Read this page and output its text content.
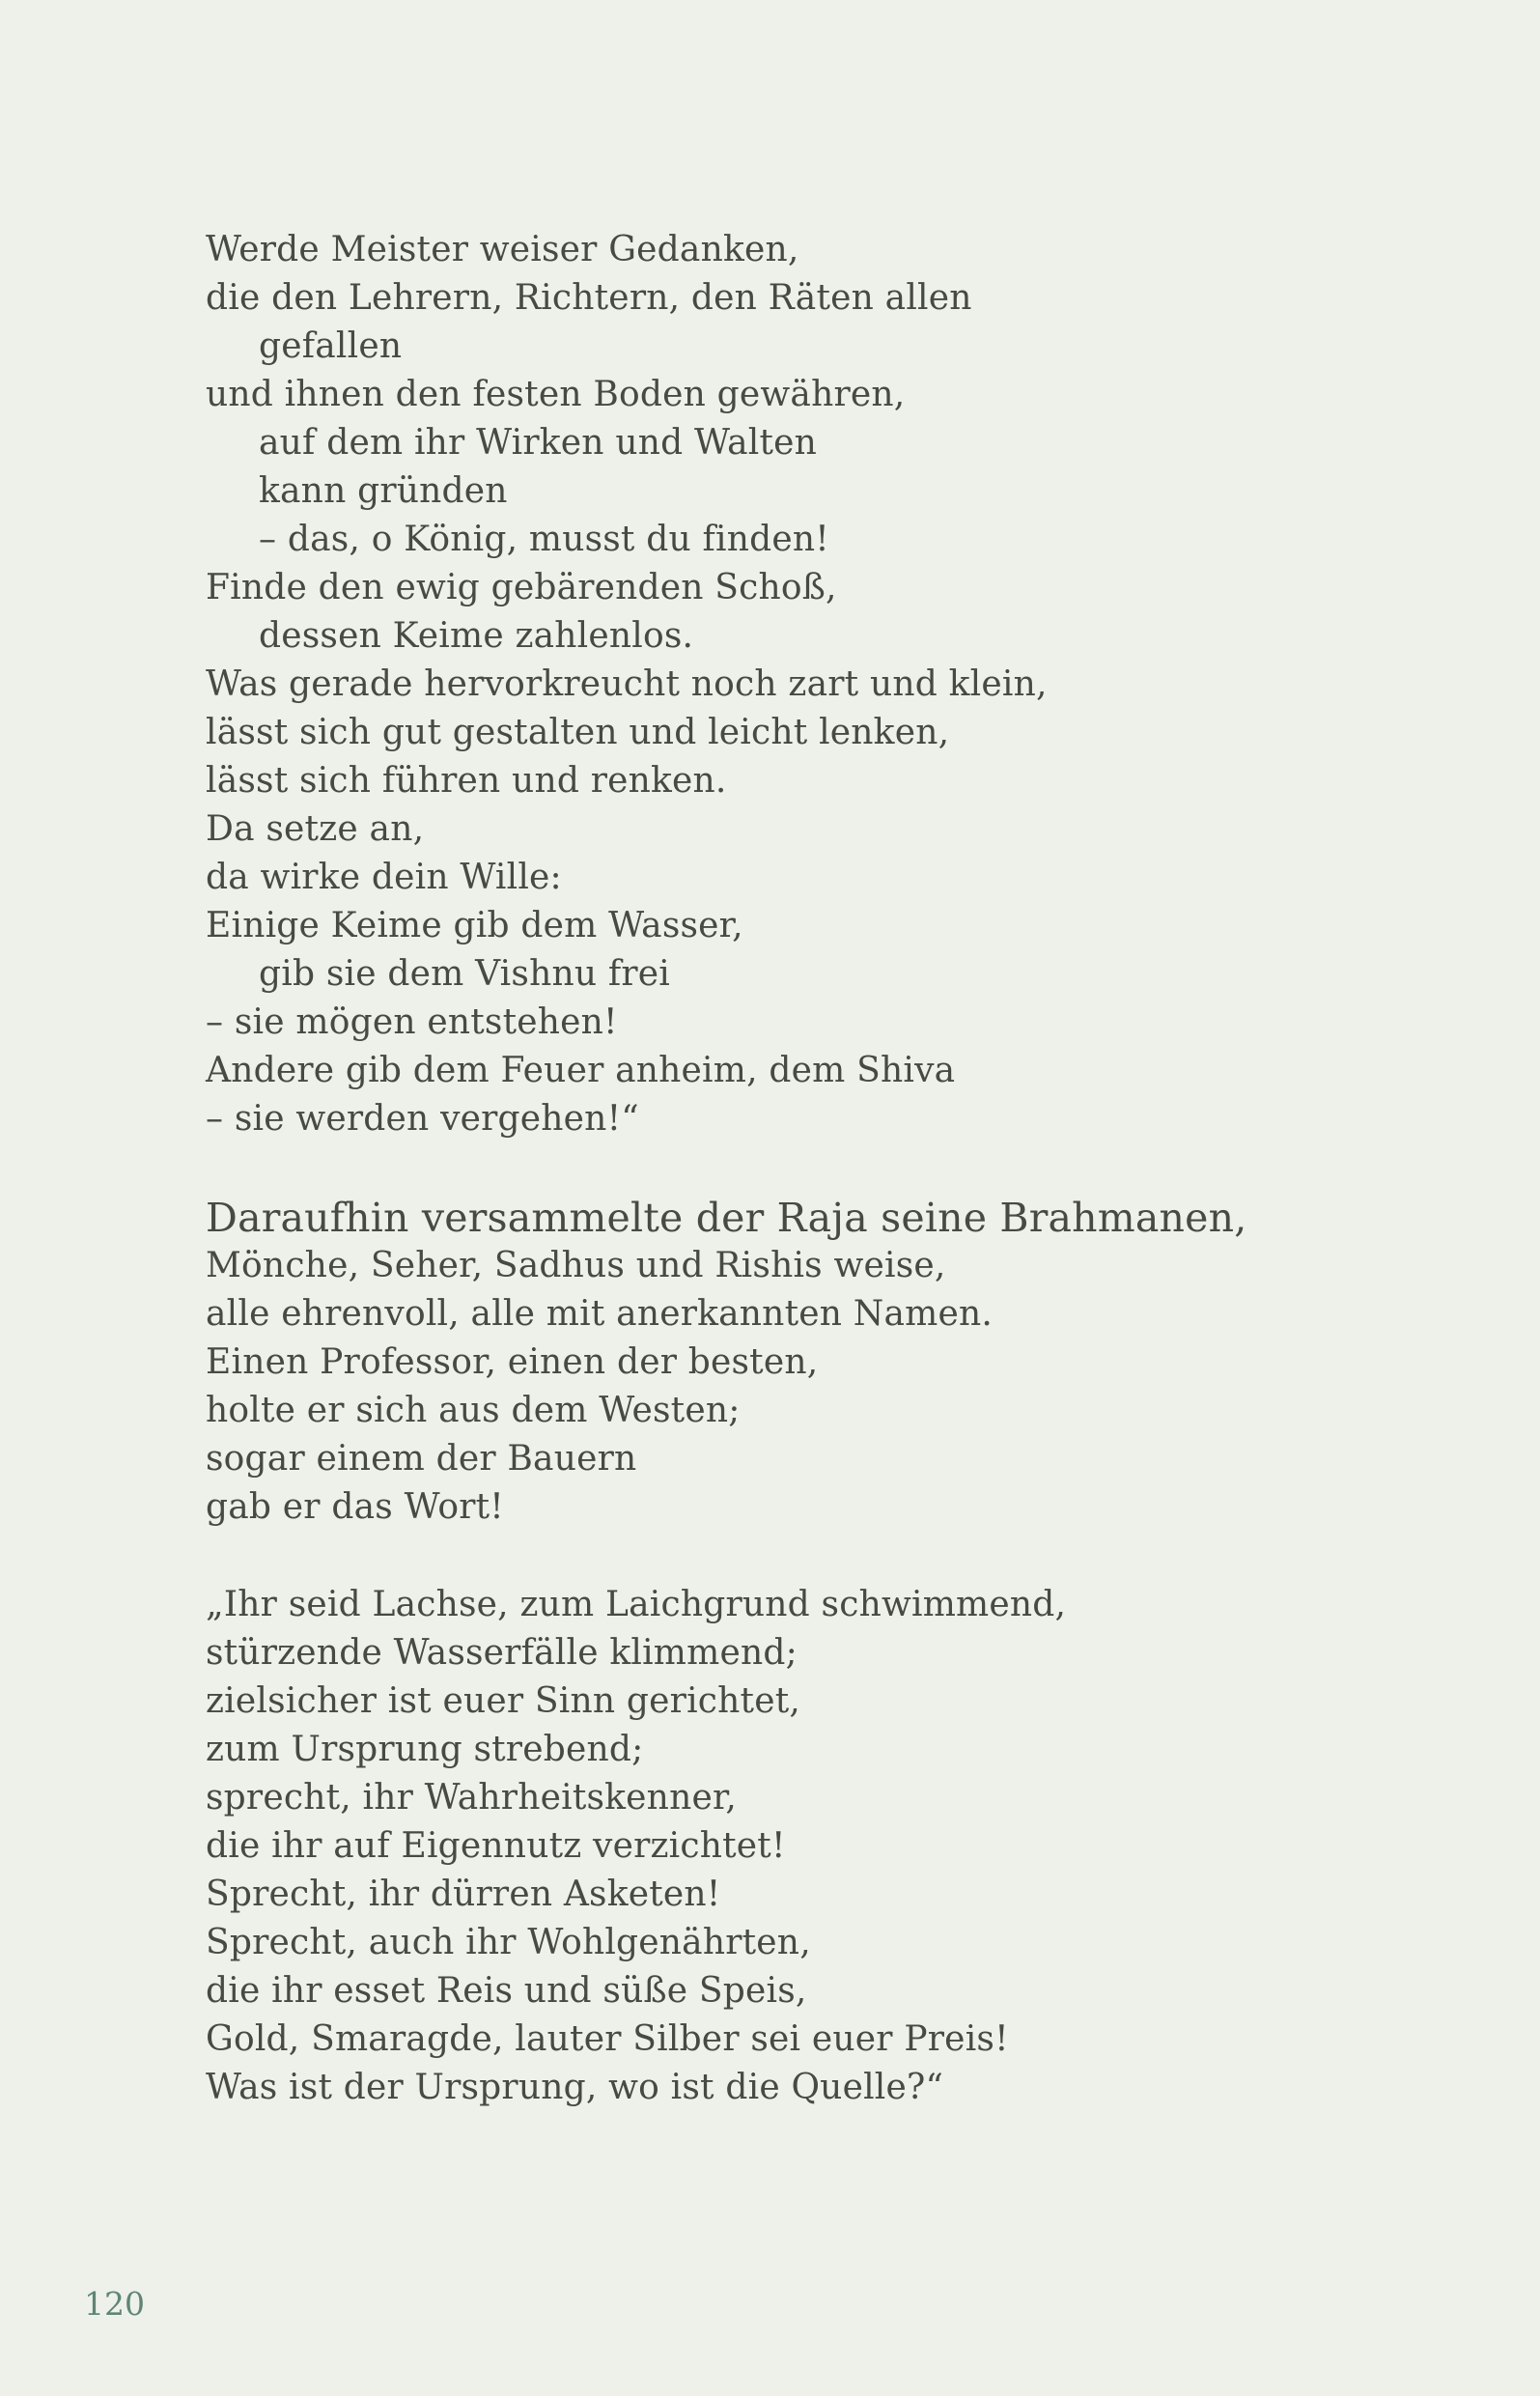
Werde Meister weiser Gedanken,
die den Lehrern, Richtern, den Räten allen
gefallen
und ihnen den festen Boden gewähren,
auf dem ihr Wirken und Walten
kann gründen
– das, o König, musst du finden!
Finde den ewig gebärenden Schoß,
dessen Keime zahlenlos.
Was gerade hervorkreucht noch zart und klein,
lässt sich gut gestalten und leicht lenken,
lässt sich führen und renken.
Da setze an,
da wirke dein Wille:
Einige Keime gib dem Wasser,
gib sie dem Vishnu frei
– sie mögen entstehen!
Andere gib dem Feuer anheim, dem Shiva
– sie werden vergehen!“
Daraufhin versammelte der Raja seine Brahmanen,
Mönche, Seher, Sadhus und Rishis weise,
alle ehrenvoll, alle mit anerkannten Namen.
Einen Professor, einen der besten,
holte er sich aus dem Westen;
sogar einem der Bauern
gab er das Wort!
„Ihr seid Lachse, zum Laichgrund schwimmend,
stürzende Wasserfälle klimmend;
zielsicher ist euer Sinn gerichtet,
zum Ursprung strebend;
sprecht, ihr Wahrheitskenner,
die ihr auf Eigennutz verzichtet!
Sprecht, ihr dürren Asketen!
Sprecht, auch ihr Wohlgenährten,
die ihr esset Reis und süße Speis,
Gold, Smaragde, lauter Silber sei euer Preis!
Was ist der Ursprung, wo ist die Quelle?“
120
